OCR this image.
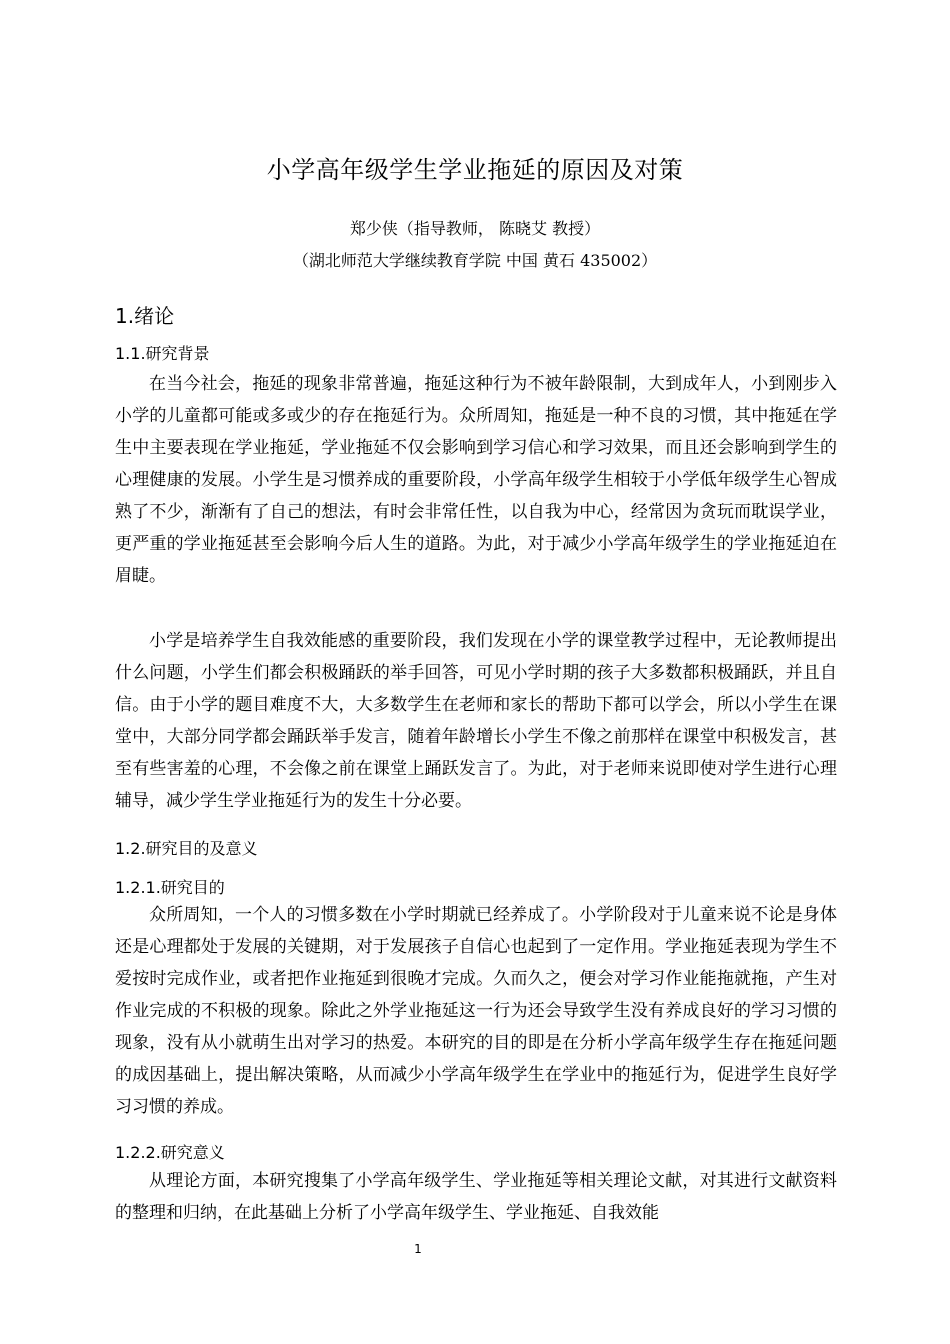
小学高年级学生学业拖延的原因及对策
郑少侠（指导教师， 陈晓艾 教授）
（湖北师范大学继续教育学院 中国 黄石 435002）
1.绪论
1.1.研究背景

在当今社会，拖延的现象非常普遍，拖延这种行为不被年龄限制，大到成年人，小到刚步入小学的儿童都可能或多或少的存在拖延行为。众所周知，拖延是一种不良的习惯，其中拖延在学生中主要表现在学业拖延，学业拖延不仅会影响到学习信心和学习效果，而且还会影响到学生的心理健康的发展。小学生是习惯养成的重要阶段，小学高年级学生相较于小学低年级学生心智成熟了不少，渐渐有了自己的想法，有时会非常任性，以自我为中心，经常因为贪玩而耽误学业，更严重的学业拖延甚至会影响今后人生的道路。为此，对于减少小学高年级学生的学业拖延迫在眉睫。

小学是培养学生自我效能感的重要阶段，我们发现在小学的课堂教学过程中，无论教师提出什么问题，小学生们都会积极踊跃的举手回答，可见小学时期的孩子大多数都积极踊跃，并且自信。由于小学的题目难度不大，大多数学生在老师和家长的帮助下都可以学会，所以小学生在课堂中，大部分同学都会踊跃举手发言，随着年龄增长小学生不像之前那样在课堂中积极发言，甚至有些害羞的心理，不会像之前在课堂上踊跃发言了。为此，对于老师来说即使对学生进行心理辅导，减少学生学业拖延行为的发生十分必要。

1.2.研究目的及意义
1.2.1.研究目的

众所周知，一个人的习惯多数在小学时期就已经养成了。小学阶段对于儿童来说不论是身体还是心理都处于发展的关键期，对于发展孩子自信心也起到了一定作用。学业拖延表现为学生不爱按时完成作业，或者把作业拖延到很晚才完成。久而久之，便会对学习作业能拖就拖，产生对作业完成的不积极的现象。除此之外学业拖延这一行为还会导致学生没有养成良好的学习习惯的现象，没有从小就萌生出对学习的热爱。本研究的目的即是在分析小学高年级学生存在拖延问题的成因基础上，提出解决策略，从而减少小学高年级学生在学业中的拖延行为，促进学生良好学习习惯的养成。

1.2.2.研究意义

从理论方面，本研究搜集了小学高年级学生、学业拖延等相关理论文献，对其进行文献资料的整理和归纳，在此基础上分析了小学高年级学生、学业拖延、自我效能

1
